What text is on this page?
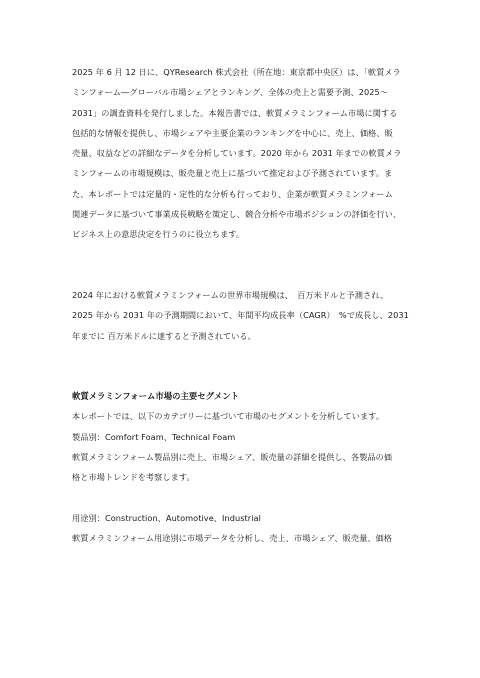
2025 年 6 月 12 日に、QYResearch 株式会社（所在地：東京都中央区）は、「軟質メラ
ミンフォーム―グローバル市場シェアとランキング、全体の売上と需要予測、2025〜
2031」の調査資料を発行しました。本報告書では、軟質メラミンフォーム市場に関する
包括的な情報を提供し、市場シェアや主要企業のランキングを中心に、売上、価格、販
売量、収益などの詳細なデータを分析しています。2020 年から 2031 年までの軟質メラ
ミンフォームの市場規模は、販売量と売上に基づいて推定および予測されています。ま
た、本レポートでは定量的・定性的な分析も行っており、企業が軟質メラミンフォーム
関連データに基づいて事業成長戦略を策定し、競合分析や市場ポジションの評価を行い、
ビジネス上の意思決定を行うのに役立ちます。

2024 年における軟質メラミンフォームの世界市場規模は、　百万米ドルと予測され、
2025 年から 2031 年の予測期間において、年間平均成長率（CAGR）　%で成長し、2031
年までに 百万米ドルに達すると予測されている。

軟質メラミンフォーム市場の主要セグメント
本レポートでは、以下のカテゴリーに基づいて市場のセグメントを分析しています。
製品別：Comfort Foam、Technical Foam
軟質メラミンフォーム製品別に売上、市場シェア、販売量の詳細を提供し、各製品の価
格と市場トレンドを考察します。
用途別：Construction、Automotive、Industrial
軟質メラミンフォーム用途別に市場データを分析し、売上、市場シェア、販売量、価格
